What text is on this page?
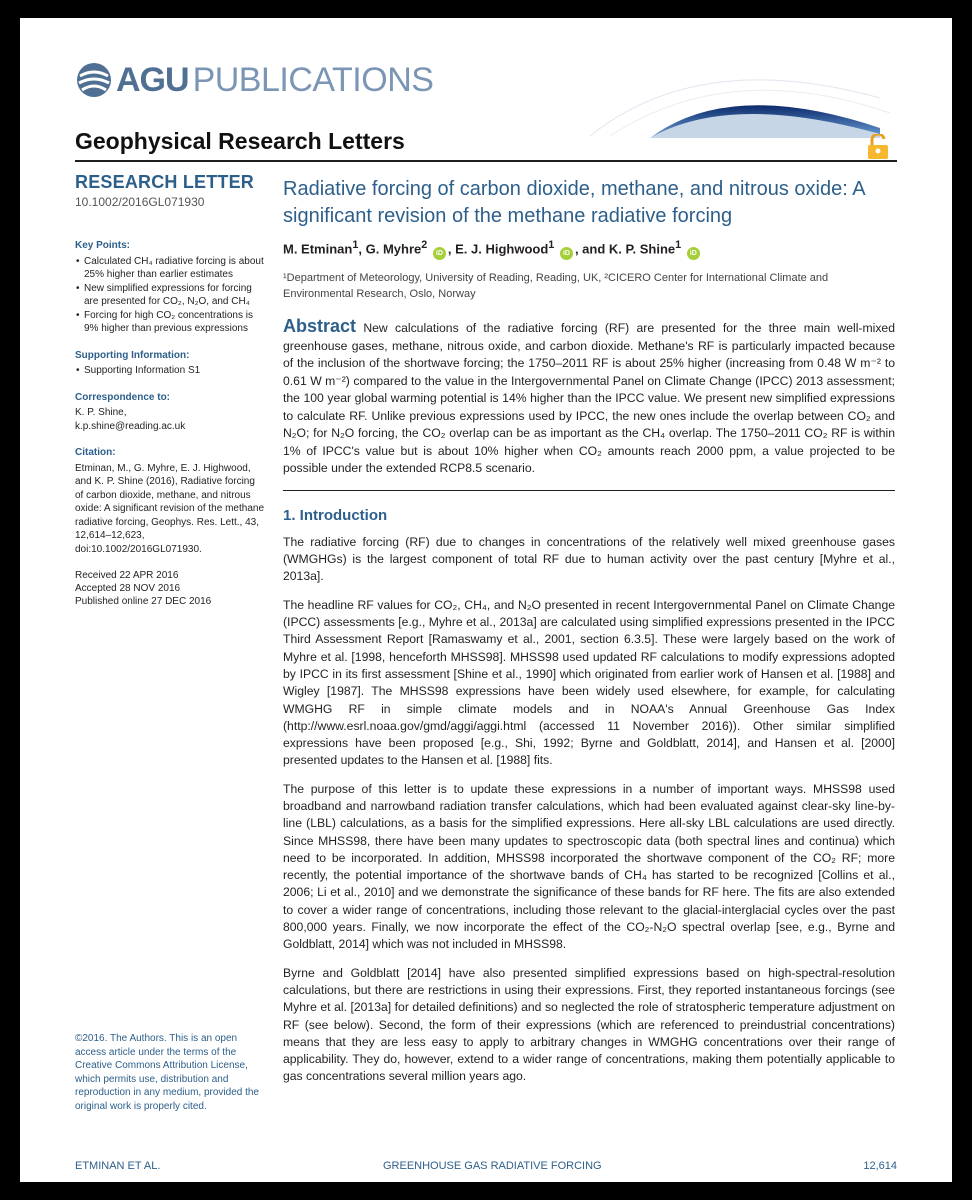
AGU PUBLICATIONS
Geophysical Research Letters
RESEARCH LETTER
10.1002/2016GL071930
Key Points:
• Calculated CH₄ radiative forcing is about 25% higher than earlier estimates
• New simplified expressions for forcing are presented for CO₂, N₂O, and CH₄
• Forcing for high CO₂ concentrations is 9% higher than previous expressions
Supporting Information:
• Supporting Information S1
Correspondence to:
K. P. Shine,
k.p.shine@reading.ac.uk
Citation:
Etminan, M., G. Myhre, E. J. Highwood, and K. P. Shine (2016), Radiative forcing of carbon dioxide, methane, and nitrous oxide: A significant revision of the methane radiative forcing, Geophys. Res. Lett., 43, 12,614–12,623, doi:10.1002/2016GL071930.
Received 22 APR 2016
Accepted 28 NOV 2016
Published online 27 DEC 2016
©2016. The Authors. This is an open access article under the terms of the Creative Commons Attribution License, which permits use, distribution and reproduction in any medium, provided the original work is properly cited.
Radiative forcing of carbon dioxide, methane, and nitrous oxide: A significant revision of the methane radiative forcing
M. Etminan$^1$, G. Myhre$^2$ iD , E. J. Highwood$^1$ iD , and K. P. Shine$^1$ iD
¹Department of Meteorology, University of Reading, Reading, UK, ²CICERO Center for International Climate and Environmental Research, Oslo, Norway
Abstract New calculations of the radiative forcing (RF) are presented for the three main well-mixed greenhouse gases, methane, nitrous oxide, and carbon dioxide. Methane's RF is particularly impacted because of the inclusion of the shortwave forcing; the 1750–2011 RF is about 25% higher (increasing from 0.48 W m⁻² to 0.61 W m⁻²) compared to the value in the Intergovernmental Panel on Climate Change (IPCC) 2013 assessment; the 100 year global warming potential is 14% higher than the IPCC value. We present new simplified expressions to calculate RF. Unlike previous expressions used by IPCC, the new ones include the overlap between CO₂ and N₂O; for N₂O forcing, the CO₂ overlap can be as important as the CH₄ overlap. The 1750–2011 CO₂ RF is within 1% of IPCC's value but is about 10% higher when CO₂ amounts reach 2000 ppm, a value projected to be possible under the extended RCP8.5 scenario.
1. Introduction

The radiative forcing (RF) due to changes in concentrations of the relatively well mixed greenhouse gases (WMGHGs) is the largest component of total RF due to human activity over the past century [Myhre et al., 2013a].

The headline RF values for CO₂, CH₄, and N₂O presented in recent Intergovernmental Panel on Climate Change (IPCC) assessments [e.g., Myhre et al., 2013a] are calculated using simplified expressions presented in the IPCC Third Assessment Report [Ramaswamy et al., 2001, section 6.3.5]. These were largely based on the work of Myhre et al. [1998, henceforth MHSS98]. MHSS98 used updated RF calculations to modify expressions adopted by IPCC in its first assessment [Shine et al., 1990] which originated from earlier work of Hansen et al. [1988] and Wigley [1987]. The MHSS98 expressions have been widely used elsewhere, for example, for calculating WMGHG RF in simple climate models and in NOAA's Annual Greenhouse Gas Index (http://www.esrl.noaa.gov/gmd/aggi/aggi.html (accessed 11 November 2016)). Other similar simplified expressions have been proposed [e.g., Shi, 1992; Byrne and Goldblatt, 2014], and Hansen et al. [2000] presented updates to the Hansen et al. [1988] fits.

The purpose of this letter is to update these expressions in a number of important ways. MHSS98 used broadband and narrowband radiation transfer calculations, which had been evaluated against clear-sky line-by-line (LBL) calculations, as a basis for the simplified expressions. Here all-sky LBL calculations are used directly. Since MHSS98, there have been many updates to spectroscopic data (both spectral lines and continua) which need to be incorporated. In addition, MHSS98 incorporated the shortwave component of the CO₂ RF; more recently, the potential importance of the shortwave bands of CH₄ has started to be recognized [Collins et al., 2006; Li et al., 2010] and we demonstrate the significance of these bands for RF here. The fits are also extended to cover a wider range of concentrations, including those relevant to the glacial-interglacial cycles over the past 800,000 years. Finally, we now incorporate the effect of the CO₂-N₂O spectral overlap [see, e.g., Byrne and Goldblatt, 2014] which was not included in MHSS98.

Byrne and Goldblatt [2014] have also presented simplified expressions based on high-spectral-resolution calculations, but there are restrictions in using their expressions. First, they reported instantaneous forcings (see Myhre et al. [2013a] for detailed definitions) and so neglected the role of stratospheric temperature adjustment on RF (see below). Second, the form of their expressions (which are referenced to preindustrial concentrations) means that they are less easy to apply to arbitrary changes in WMGHG concentrations over their range of applicability. They do, however, extend to a wider range of concentrations, making them potentially applicable to gas concentrations several million years ago.

ETMINAN ET AL.	GREENHOUSE GAS RADIATIVE FORCING	12,614
